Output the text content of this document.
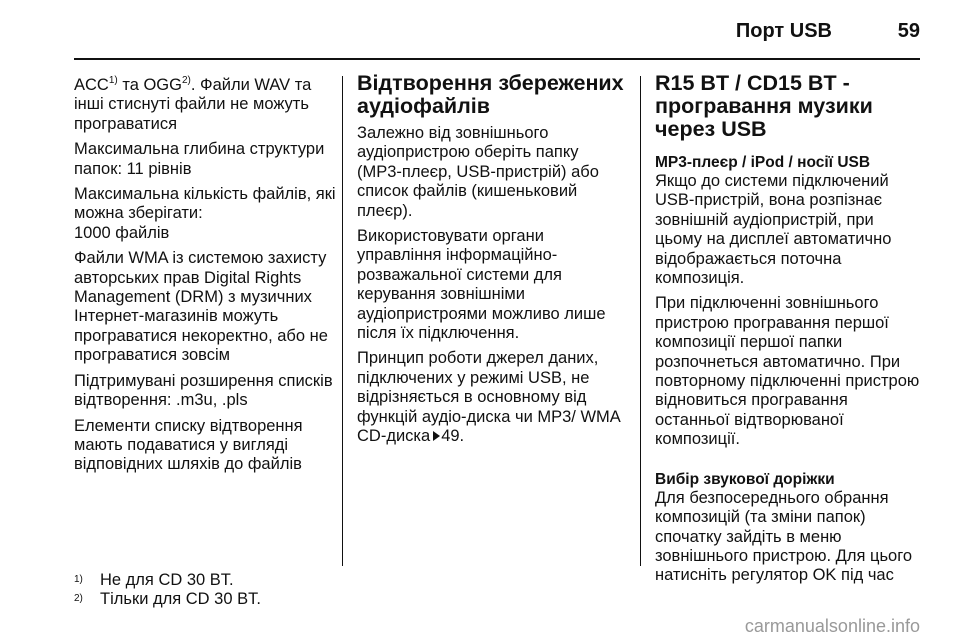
Порт USB	59

ACC$^{1)}$ та OGG$^{2)}$. Файли WAV та інші стиснуті файли не можуть програватися

Максимальна глибина структури папок: 11 рівнів

Максимальна кількість файлів, які можна зберігати:

1000 файлів

Файли WMA із системою захисту авторських прав Digital Rights Management (DRM) з музичних Інтернет-магазинів можуть програватися некоректно, або не програватися зовсім

Підтримувані розширення списків відтворення: .m3u, .pls

Елементи списку відтворення мають подаватися у вигляді відповідних шляхів до файлів

Відтворення збережених аудіофайлів

Залежно від зовнішнього аудіопристрою оберіть папку (MP3-плеєр, USB-пристрій) або список файлів (кишеньковий плеєр).

Використовувати органи управління інформаційно-розважальної системи для керування зовнішніми аудіопристроями можливо лише після їх підключення.

Принцип роботи джерел даних, підключених у режимі USB, не відрізняється в основному від функцій аудіо-диска чи MP3/ WMA CD-диска 49.

R15 BT / CD15 BT - програвання музики через USB
MP3-плеєр / iPod / носії USB

Якщо до системи підключений USB-пристрій, вона розпізнає зовнішній аудіопристрій, при цьому на дисплеї автоматично відображається поточна композиція.

При підключенні зовнішнього пристрою програвання першої композиції першої папки розпочнеться автоматично. При повторному підключенні пристрою відновиться програвання останньої відтворюваної композиції.

Вибір звукової доріжки

Для безпосереднього обрання композицій (та зміни папок) спочатку зайдіть в меню зовнішнього пристрою. Для цього натисніть регулятор OK під час

1) Не для CD 30 BT.
2) Тільки для CD 30 BT.
carmanualsonline.info
